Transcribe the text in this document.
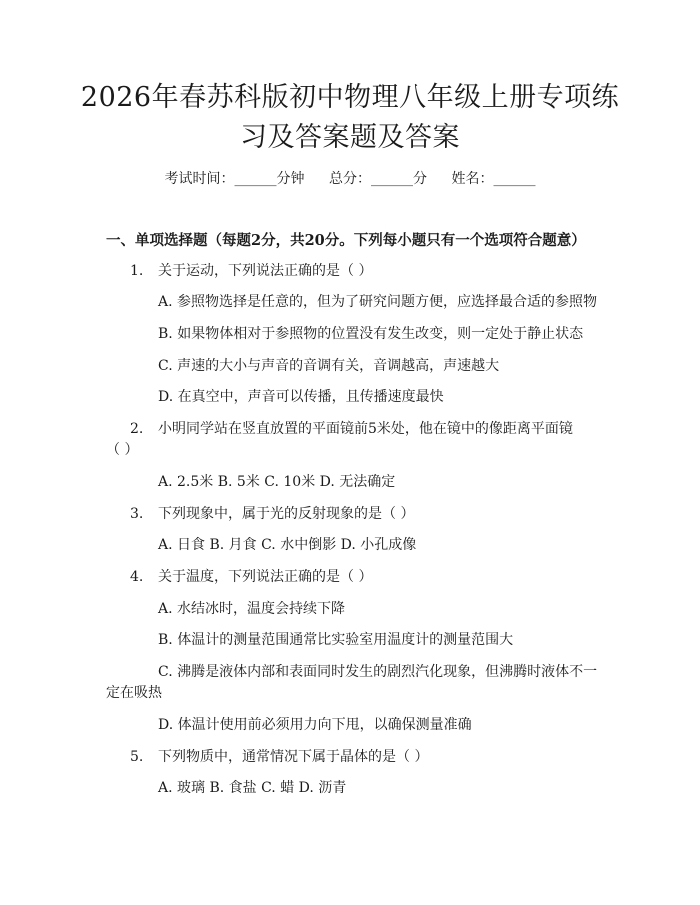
2026年春苏科版初中物理八年级上册专项练
习及答案题及答案
考试时间：______分钟 总分：______分 姓名：______
一、单项选择题（每题2分，共20分。下列每小题只有一个选项符合题意）
1. 关于运动，下列说法正确的是（ ）
A. 参照物选择是任意的，但为了研究问题方便，应选择最合适的参照物
B. 如果物体相对于参照物的位置没有发生改变，则一定处于静止状态
C. 声速的大小与声音的音调有关，音调越高，声速越大
D. 在真空中，声音可以传播，且传播速度最快
2. 小明同学站在竖直放置的平面镜前5米处，他在镜中的像距离平面镜
（ ）
A. 2.5米 B. 5米 C. 10米 D. 无法确定
3. 下列现象中，属于光的反射现象的是（ ）
A. 日食 B. 月食 C. 水中倒影 D. 小孔成像
4. 关于温度，下列说法正确的是（ ）
A. 水结冰时，温度会持续下降
B. 体温计的测量范围通常比实验室用温度计的测量范围大
C. 沸腾是液体内部和表面同时发生的剧烈汽化现象，但沸腾时液体不一
定在吸热
D. 体温计使用前必须用力向下甩，以确保测量准确
5. 下列物质中，通常情况下属于晶体的是（ ）
A. 玻璃 B. 食盐 C. 蜡 D. 沥青
